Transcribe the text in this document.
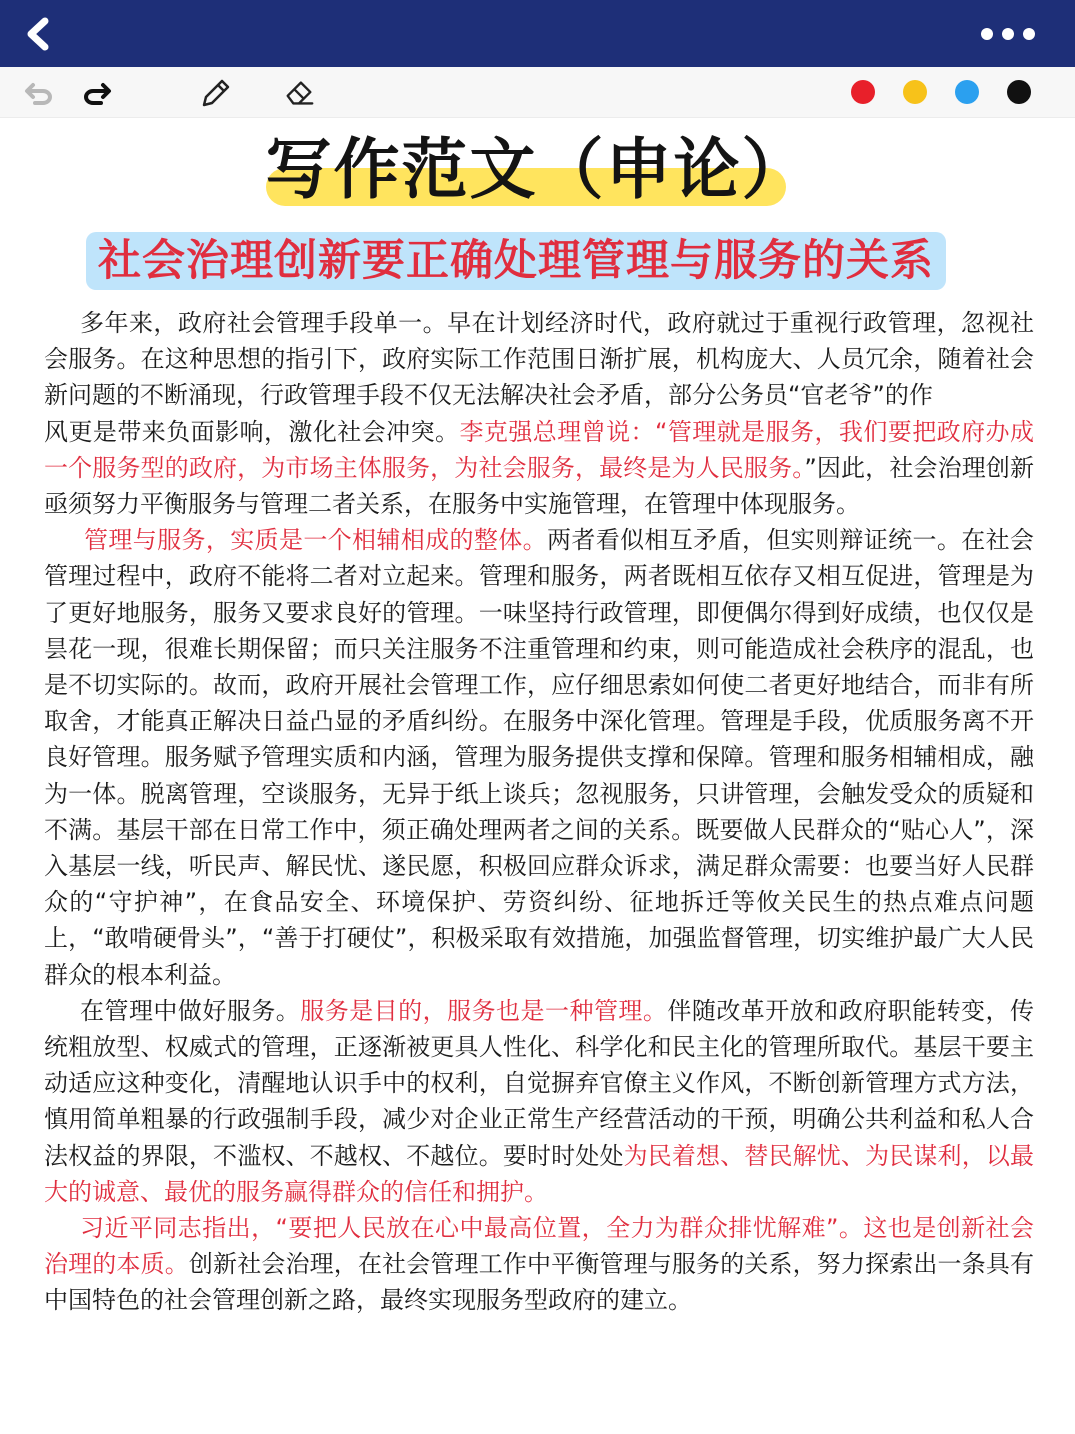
写作范文（申论）
社会治理创新要正确处理管理与服务的关系

多年来，政府社会管理手段单一。早在计划经济时代，政府就过于重视行政管理，忽视社会服务。在这种思想的指引下，政府实际工作范围日渐扩展，机构庞大、人员冗余，随着社会新问题的不断涌现，行政管理手段不仅无法解决社会矛盾，部分公务员“官老爷”的作

风更是带来负面影响，激化社会冲突。李克强总理曾说：“管理就是服务，我们要把政府办成一个服务型的政府，为市场主体服务，为社会服务，最终是为人民服务。”因此，社会治理创新亟须努力平衡服务与管理二者关系，在服务中实施管理，在管理中体现服务。

管理与服务，实质是一个相辅相成的整体。两者看似相互矛盾，但实则辩证统一。在社会管理过程中，政府不能将二者对立起来。管理和服务，两者既相互依存又相互促进，管理是为了更好地服务，服务又要求良好的管理。一味坚持行政管理，即便偶尔得到好成绩，也仅仅是昙花一现，很难长期保留；而只关注服务不注重管理和约束，则可能造成社会秩序的混乱，也是不切实际的。故而，政府开展社会管理工作，应仔细思索如何使二者更好地结合，而非有所取舍，才能真正解决日益凸显的矛盾纠纷。在服务中深化管理。管理是手段，优质服务离不开良好管理。服务赋予管理实质和内涵，管理为服务提供支撑和保障。管理和服务相辅相成，融为一体。脱离管理，空谈服务，无异于纸上谈兵；忽视服务，只讲管理，会触发受众的质疑和不满。基层干部在日常工作中，须正确处理两者之间的关系。既要做人民群众的“贴心人”，深入基层一线，听民声、解民忧、遂民愿，积极回应群众诉求，满足群众需要：也要当好人民群众的“守护神”，在食品安全、环境保护、劳资纠纷、征地拆迁等攸关民生的热点难点问题上，“敢啃硬骨头”，“善于打硬仗”，积极采取有效措施，加强监督管理，切实维护最广大人民群众的根本利益。

在管理中做好服务。服务是目的，服务也是一种管理。伴随改革开放和政府职能转变，传统粗放型、权威式的管理，正逐渐被更具人性化、科学化和民主化的管理所取代。基层干要主动适应这种变化，清醒地认识手中的权利，自觉摒弃官僚主义作风，不断创新管理方式方法，慎用简单粗暴的行政强制手段，减少对企业正常生产经营活动的干预，明确公共利益和私人合法权益的界限，不滥权、不越权、不越位。要时时处处为民着想、替民解忧、为民谋利，以最大的诚意、最优的服务赢得群众的信任和拥护。

习近平同志指出，“要把人民放在心中最高位置，全力为群众排忧解难”。这也是创新社会治理的本质。创新社会治理，在社会管理工作中平衡管理与服务的关系，努力探索出一条具有中国特色的社会管理创新之路，最终实现服务型政府的建立。
